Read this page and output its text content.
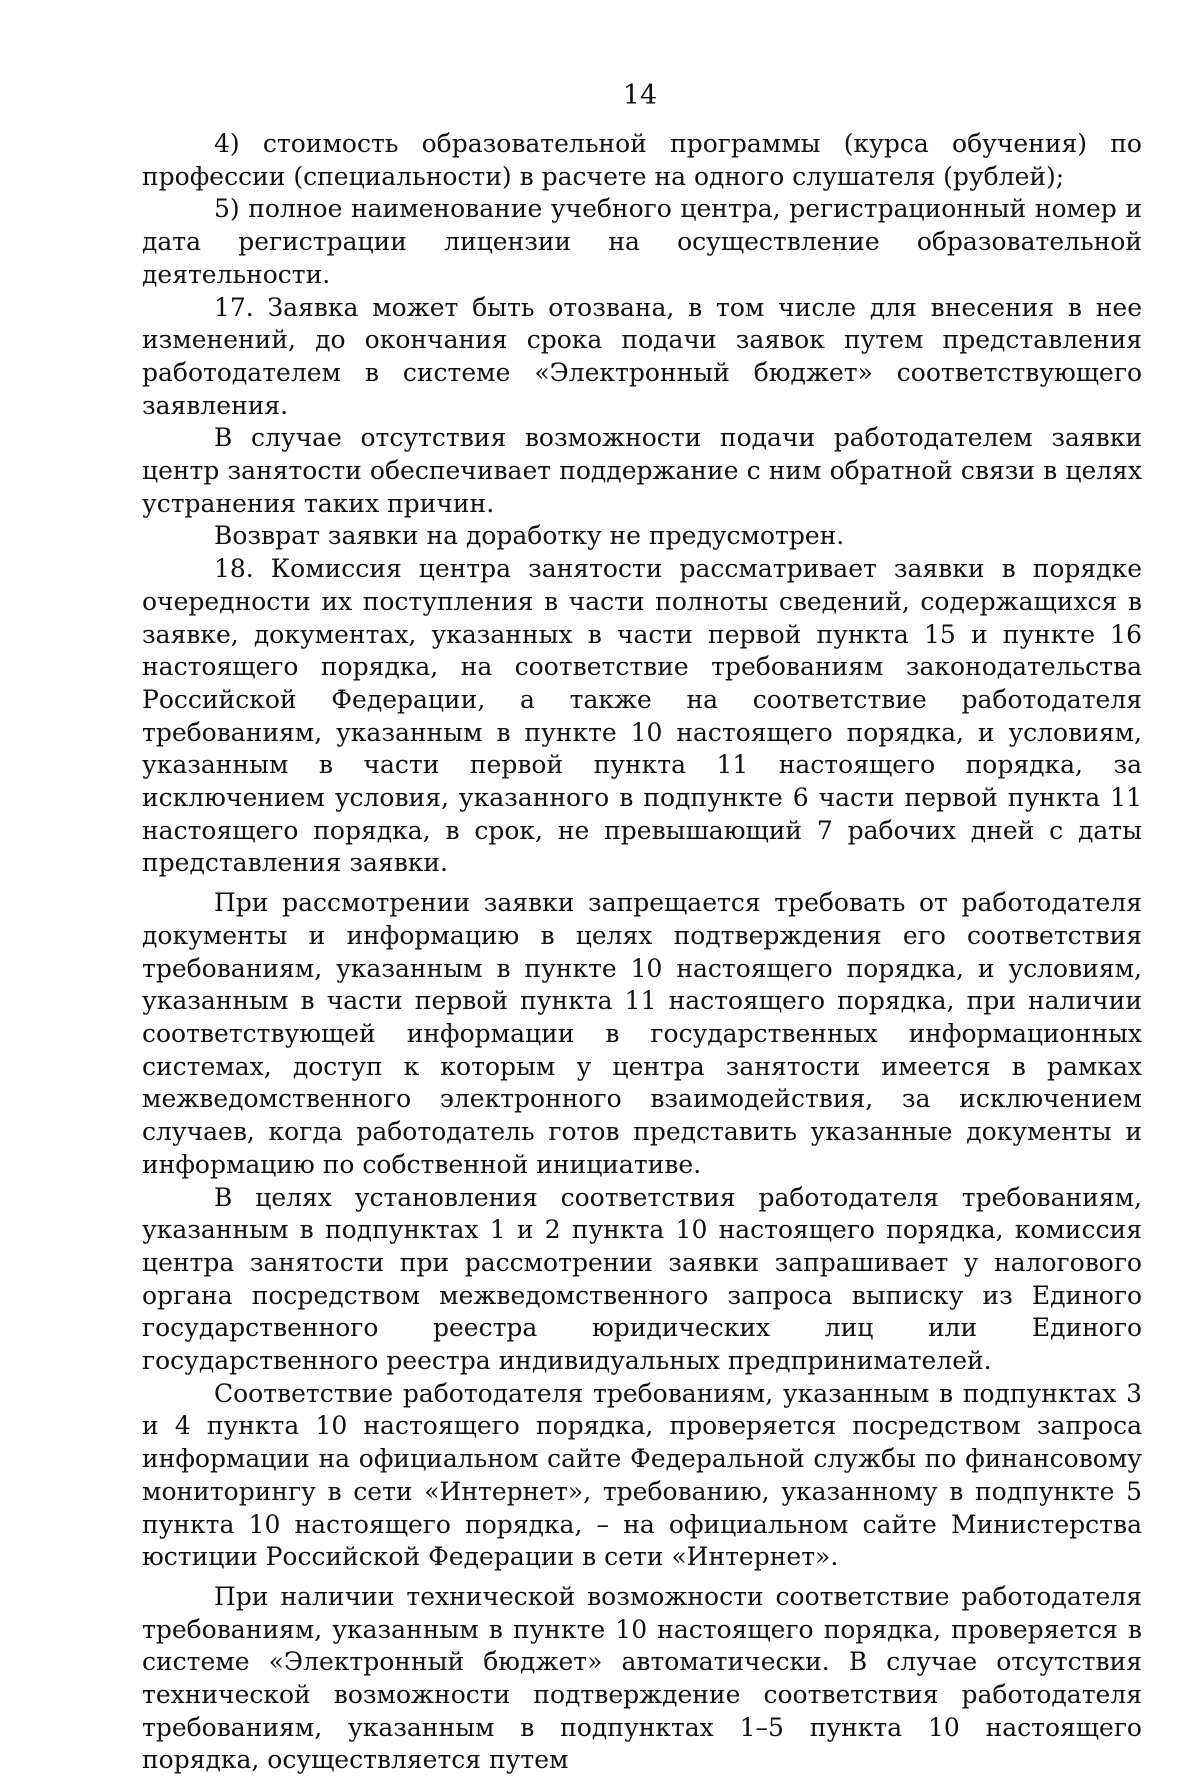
14

4) стоимость образовательной программы (курса обучения) по профессии (специальности) в расчете на одного слушателя (рублей);

5) полное наименование учебного центра, регистрационный номер и дата регистрации лицензии на осуществление образовательной деятельности.

17. Заявка может быть отозвана, в том числе для внесения в нее изменений, до окончания срока подачи заявок путем представления работодателем в системе «Электронный бюджет» соответствующего заявления.

В случае отсутствия возможности подачи работодателем заявки центр занятости обеспечивает поддержание с ним обратной связи в целях устранения таких причин.

Возврат заявки на доработку не предусмотрен.

18. Комиссия центра занятости рассматривает заявки в порядке очередности их поступления в части полноты сведений, содержащихся в заявке, документах, указанных в части первой пункта 15 и пункте 16 настоящего порядка, на соответствие требованиям законодательства Российской Федерации, а также на соответствие работодателя требованиям, указанным в пункте 10 настоящего порядка, и условиям, указанным в части первой пункта 11 настоящего порядка, за исключением условия, указанного в подпункте 6 части первой пункта 11 настоящего порядка, в срок, не превышающий 7 рабочих дней с даты представления заявки.

При рассмотрении заявки запрещается требовать от работодателя документы и информацию в целях подтверждения его соответствия требованиям, указанным в пункте 10 настоящего порядка, и условиям, указанным в части первой пункта 11 настоящего порядка, при наличии соответствующей информации в государственных информационных системах, доступ к которым у центра занятости имеется в рамках межведомственного электронного взаимодействия, за исключением случаев, когда работодатель готов представить указанные документы и информацию по собственной инициативе.

В целях установления соответствия работодателя требованиям, указанным в подпунктах 1 и 2 пункта 10 настоящего порядка, комиссия центра занятости при рассмотрении заявки запрашивает у налогового органа посредством межведомственного запроса выписку из Единого государственного реестра юридических лиц или Единого государственного реестра индивидуальных предпринимателей.

Соответствие работодателя требованиям, указанным в подпунктах 3 и 4 пункта 10 настоящего порядка, проверяется посредством запроса информации на официальном сайте Федеральной службы по финансовому мониторингу в сети «Интернет», требованию, указанному в подпункте 5 пункта 10 настоящего порядка, – на официальном сайте Министерства юстиции Российской Федерации в сети «Интернет».

При наличии технической возможности соответствие работодателя требованиям, указанным в пункте 10 настоящего порядка, проверяется в системе «Электронный бюджет» автоматически. В случае отсутствия технической возможности подтверждение соответствия работодателя требованиям, указанным в подпунктах 1–5 пункта 10 настоящего порядка, осуществляется путем
